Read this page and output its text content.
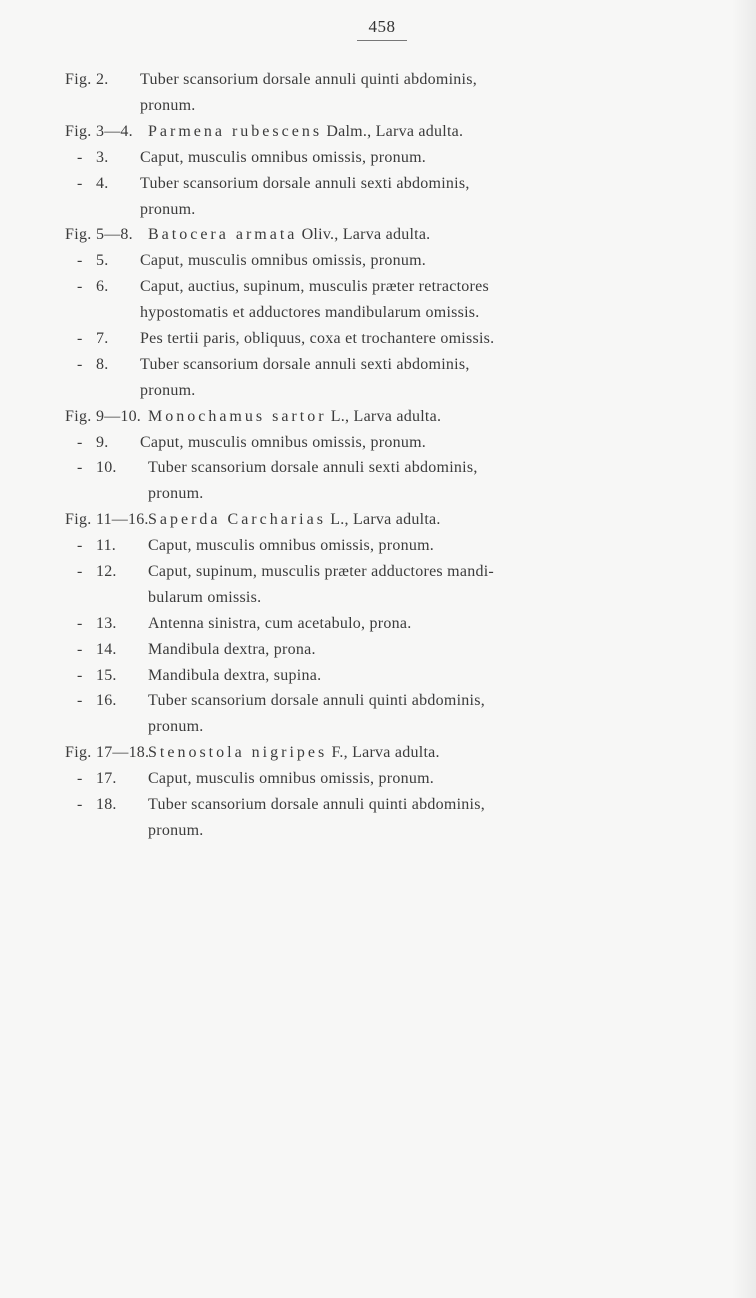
458
Fig. 2. Tuber scansorium dorsale annuli quinti abdominis,
pronum.
Fig. 3—4. Parmena rubescens Dalm., Larva adulta.
- 3. Caput, musculis omnibus omissis, pronum.
- 4. Tuber scansorium dorsale annuli sexti abdominis,
pronum.
Fig. 5—8. Batocera armata Oliv., Larva adulta.
- 5. Caput, musculis omnibus omissis, pronum.
- 6. Caput, auctius, supinum, musculis præter retractores
hypostomatis et adductores mandibularum omissis.
- 7. Pes tertii paris, obliquus, coxa et trochantere omissis.
- 8. Tuber scansorium dorsale annuli sexti abdominis,
pronum.
Fig. 9—10. Monochamus sartor L., Larva adulta.
- 9. Caput, musculis omnibus omissis, pronum.
- 10. Tuber scansorium dorsale annuli sexti abdominis,
pronum.
Fig. 11—16. Saperda Carcharias L., Larva adulta.
- 11. Caput, musculis omnibus omissis, pronum.
- 12. Caput, supinum, musculis præter adductores mandi-
bularum omissis.
- 13. Antenna sinistra, cum acetabulo, prona.
- 14. Mandibula dextra, prona.
- 15. Mandibula dextra, supina.
- 16. Tuber scansorium dorsale annuli quinti abdominis,
pronum.
Fig. 17—18.
Stenostola nigripes F., Larva adulta.
- 17. Caput, musculis omnibus omissis, pronum.
- 18. Tuber scansorium dorsale annuli quinti abdominis,
pronum.
